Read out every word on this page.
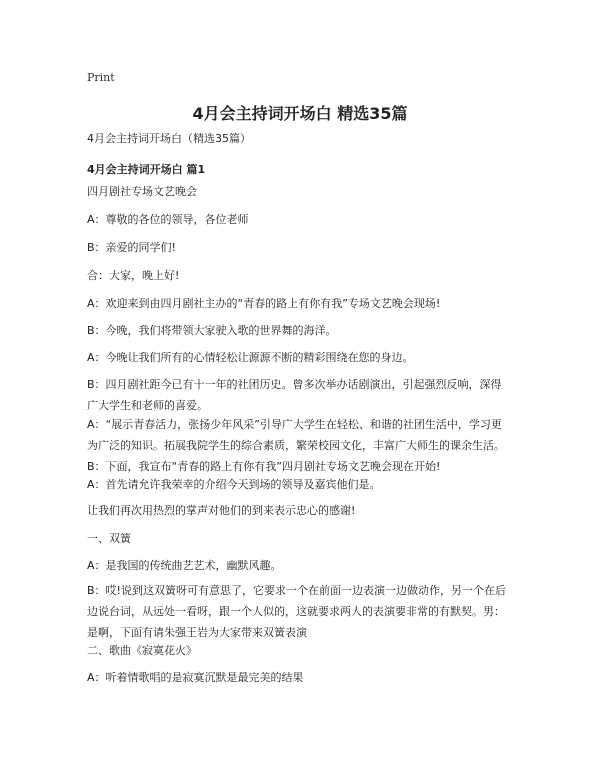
Print
4月会主持词开场白 精选35篇
4月会主持词开场白（精选35篇）
4月会主持词开场白 篇1
四月剧社专场文艺晚会
A：尊敬的各位的领导，各位老师
B：亲爱的同学们!
合：大家，晚上好!
A：欢迎来到由四月剧社主办的“青春的路上有你有我”专场文艺晚会现场!
B：今晚，我们将带领大家驶入歌的世界舞的海洋。
A：今晚让我们所有的心情轻松让源源不断的精彩围绕在您的身边。
B：四月剧社距今已有十一年的社团历史。曾多次举办话剧演出，引起强烈反响，深得广大学生和老师的喜爱。
A：“展示青春活力，张扬少年风采”引导广大学生在轻松、和谐的社团生活中，学习更为广泛的知识。拓展我院学生的综合素质，繁荣校园文化，丰富广大师生的课余生活。B：下面，我宣布“青春的路上有你有我”四月剧社专场文艺晚会现在开始!
A：首先请允许我荣幸的介绍今天到场的领导及嘉宾他们是。
让我们再次用热烈的掌声对他们的到来表示忠心的感谢!
一、双簧
A：是我国的传统曲艺艺术，幽默风趣。
B：哎!说到这双簧呀可有意思了，它要求一个在前面一边表演一边做动作，另一个在后边说台词，从远处一看呀，跟一个人似的，这就要求两人的表演要非常的有默契。男：是啊，下面有请朱强王岩为大家带来双簧表演
二、歌曲《寂寞花火》
A：听着情歌唱的是寂寞沉默是最完美的结果
